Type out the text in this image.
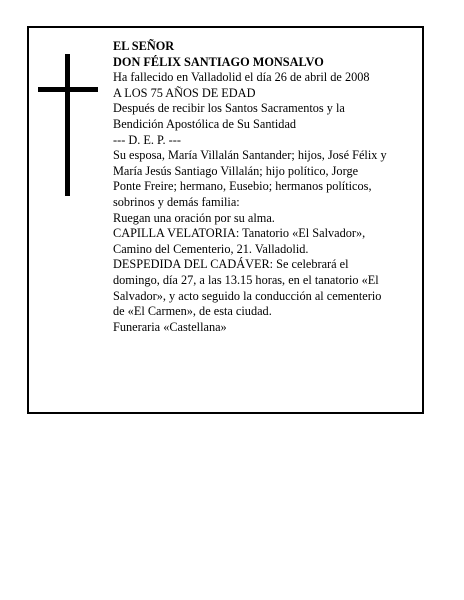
EL SEÑOR
DON FÉLIX SANTIAGO MONSALVO
Ha fallecido en Valladolid el día 26 de abril de 2008
A LOS 75 AÑOS DE EDAD
Después de recibir los Santos Sacramentos y la
Bendición Apostólica de Su Santidad
--- D. E. P. ---
Su esposa, María Villalán Santander; hijos, José Félix y
María Jesús Santiago Villalán; hijo político, Jorge
Ponte Freire; hermano, Eusebio; hermanos políticos,
sobrinos y demás familia:
Ruegan una oración por su alma.
CAPILLA VELATORIA: Tanatorio «El Salvador»,
Camino del Cementerio, 21. Valladolid.
DESPEDIDA DEL CADÁVER: Se celebrará el
domingo, día 27, a las 13.15 horas, en el tanatorio «El
Salvador», y acto seguido la conducción al cementerio
de «El Carmen», de esta ciudad.
Funeraria «Castellana»
